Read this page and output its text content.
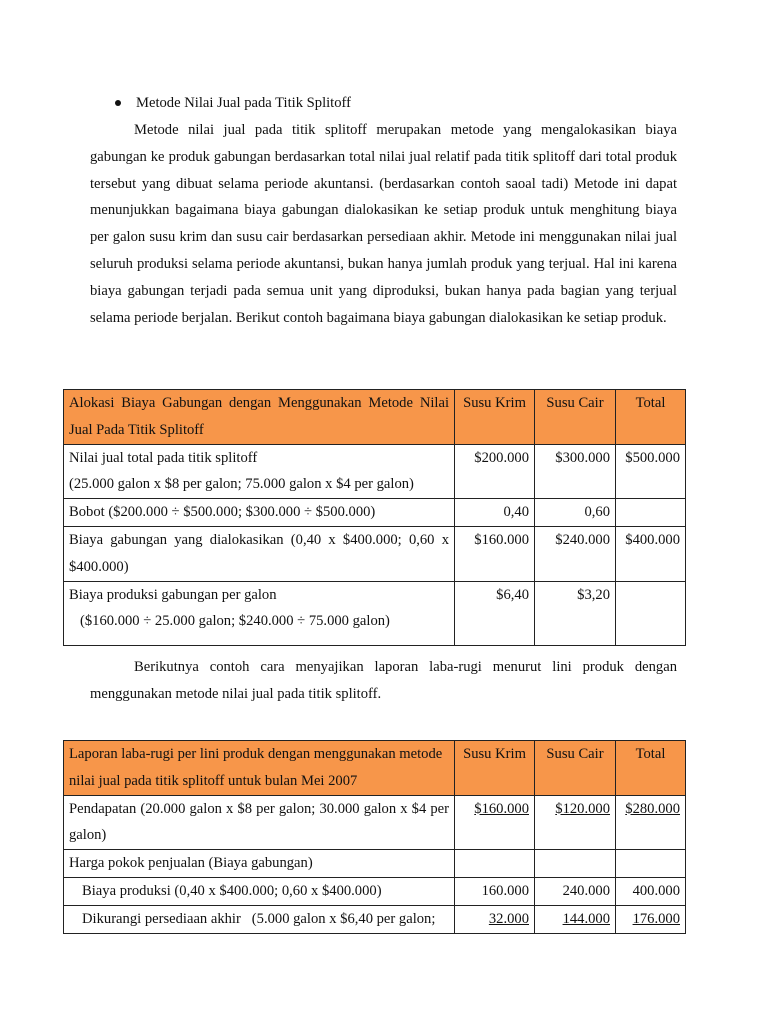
Metode Nilai Jual pada Titik Splitoff
Metode nilai jual pada titik splitoff merupakan metode yang mengalokasikan biaya gabungan ke produk gabungan berdasarkan total nilai jual relatif pada titik splitoff dari total produk tersebut yang dibuat selama periode akuntansi. (berdasarkan contoh saoal tadi) Metode ini dapat menunjukkan bagaimana biaya gabungan dialokasikan ke setiap produk untuk menghitung biaya per galon susu krim dan susu cair berdasarkan persediaan akhir. Metode ini menggunakan nilai jual seluruh produksi selama periode akuntansi, bukan hanya jumlah produk yang terjual. Hal ini karena biaya gabungan terjadi pada semua unit yang diproduksi, bukan hanya pada bagian yang terjual selama periode berjalan. Berikut contoh bagaimana biaya gabungan dialokasikan ke setiap produk.
Alokasi Biaya Gabungan dengan Menggunakan Metode Nilai Jual Pada Titik Splitoff	Susu Krim	Susu Cair	Total

Nilai jual total pada titik splitoff
(25.000 galon x $8 per galon; 75.000 galon x $4 per galon)	$200.000	$300.000	$500.000
Bobot ($200.000 ÷ $500.000; $300.000 ÷ $500.000)	0,40	0,60	
Biaya gabungan yang dialokasikan (0,40 x $400.000; 0,60 x $400.000)	$160.000	$240.000	$400.000

Biaya produksi gabungan per galon
($160.000 ÷ 25.000 galon; $240.000 ÷ 75.000 galon)	$6,40	$3,20	
Berikutnya contoh cara menyajikan laporan laba-rugi menurut lini produk dengan menggunakan metode nilai jual pada titik splitoff.
Laporan laba-rugi per lini produk dengan menggunakan metode nilai jual pada titik splitoff untuk bulan Mei 2007	Susu Krim	Susu Cair	Total
Pendapatan (20.000 galon x $8 per galon; 30.000 galon x $4 per galon)	$160.000	$120.000	$280.000
Harga pokok penjualan (Biaya gabungan)			
Biaya produksi (0,40 x $400.000; 0,60 x $400.000)	160.000	240.000	400.000
Dikurangi persediaan akhir   (5.000 galon x $6,40 per galon;	32.000	144.000	176.000
